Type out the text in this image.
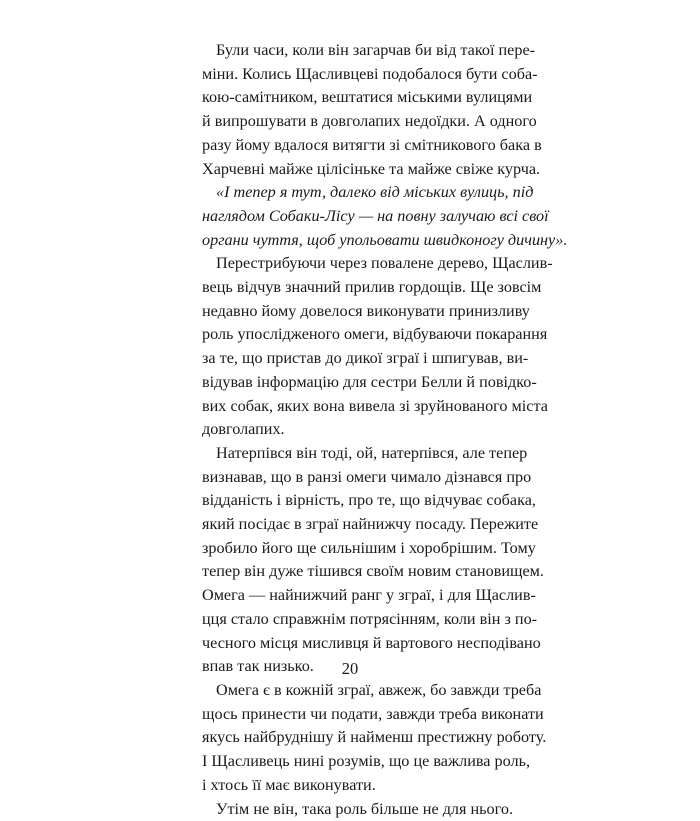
Були часи, коли він загарчав би від такої пере-
міни. Колись Щасливцеві подобалося бути соба-
кою-самітником, вештатися міськими вулицями
й випрошувати в довголапих недоїдки. А одного
разу йому вдалося витягти зі смітникового бака в
Харчевні майже цілісіньке та майже свіже курча.

«І тепер я тут, далеко від міських вулиць, під
наглядом Собаки-Лісу — на повну залучаю всі свої
органи чуття, щоб упольовати швидконогу дичину».

Перестрибуючи через повалене дерево, Щаслив-
вець відчув значний прилив гордощів. Ще зовсім
недавно йому довелося виконувати принизливу
роль упослідженого омеги, відбуваючи покарання
за те, що пристав до дикої зграї і шпигував, ви-
відував інформацію для сестри Белли й повідко-
вих собак, яких вона вивела зі зруйнованого міста
довголапих.

Натерпівся він тоді, ой, натерпівся, але тепер
визнавав, що в ранзі омеги чимало дізнався про
відданість і вірність, про те, що відчуває собака,
який посідає в зграї найнижчу посаду. Пережите
зробило його ще сильнішим і хоробрішим. Тому
тепер він дуже тішився своїм новим становищем.
Омега — найнижчий ранг у зграї, і для Щаслив-
цця стало справжнім потрясінням, коли він з по-
чесного місця мисливця й вартового несподівано
впав так низько.

Омега є в кожній зграї, авжеж, бо завжди треба
щось принести чи подати, завжди треба виконати
якусь найбруднішу й найменш престижну роботу.
І Щасливець нині розумів, що це важлива роль,
і хтось її має виконувати.

Утім не він, така роль більше не для нього.

20
